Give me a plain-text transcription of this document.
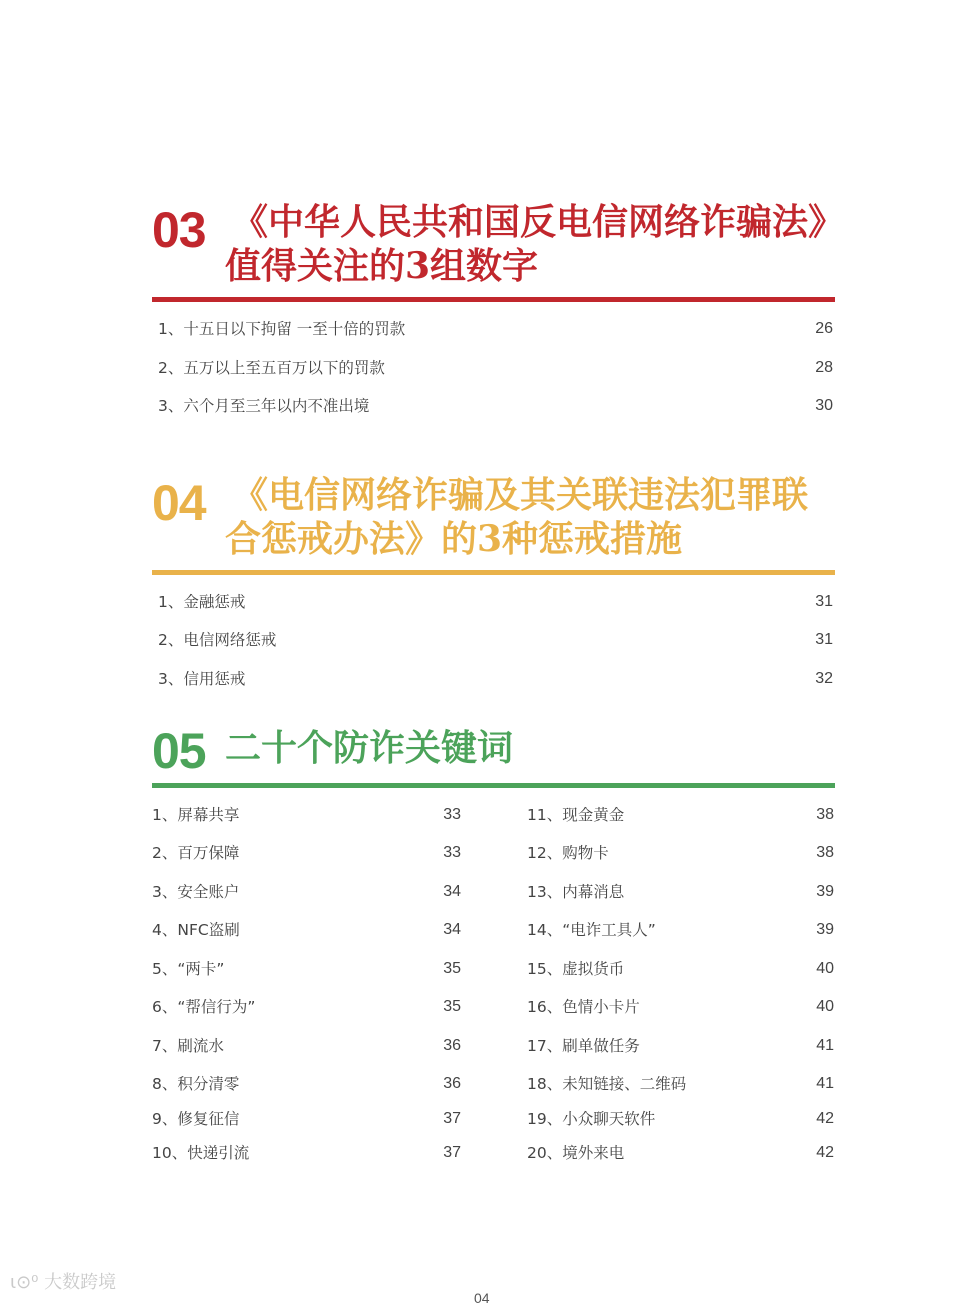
03 《中华人民共和国反电信网络诈骗法》
值得关注的3组数字
1、十五日以下拘留 一至十倍的罚款	26
2、五万以上至五百万以下的罚款	28
3、六个月至三年以内不准出境	30
04 《电信网络诈骗及其关联违法犯罪联
合惩戒办法》的3种惩戒措施
1、金融惩戒	31
2、电信网络惩戒	31
3、信用惩戒	32
05 二十个防诈关键词
1、屏幕共享	33	11、现金黄金	38
2、百万保障	33	12、购物卡	38
3、安全账户	34	13、内幕消息	39
4、NFC盗刷	34	14、“电诈工具人”	39
5、“两卡”	35	15、虚拟货币	40
6、“帮信行为”	35	16、色情小卡片	40
7、刷流水	36	17、刷单做任务	41
8、积分清零	36	18、未知链接、二维码	41
9、修复征信	37	19、小众聊天软件	42
10、快递引流	37	20、境外来电	42
ɩ⊙⁰ 大数跨境
04
